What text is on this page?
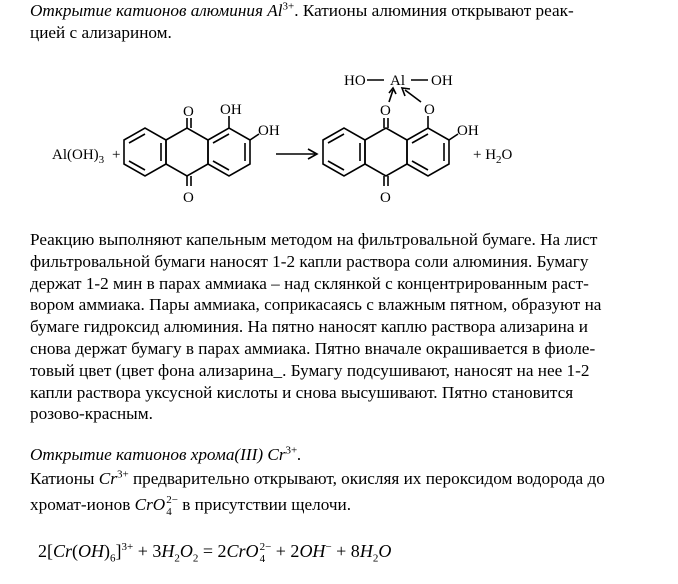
Открытие катионов алюминия $Al^{3+}$. Катионы алюминия открывают реак-
цией с ализарином.
$Al(OH)_3$ +
O
O
OH
OH
HO Al OH
O
O
O
OH
+ $H_2O$
Реакцию выполняют капельным методом на фильтровальной бумаге. На лист
фильтровальной бумаги наносят 1-2 капли раствора соли алюминия. Бумагу
держат 1-2 мин в парах аммиака – над склянкой с концентрированным раст-
вором аммиака. Пары аммиака, соприкасаясь с влажным пятном, образуют на
бумаге гидроксид алюминия. На пятно наносят каплю раствора ализарина и
снова держат бумагу в парах аммиака. Пятно вначале окрашивается в фиоле-
товый цвет (цвет фона ализарина_. Бумагу подсушивают, наносят на нее 1-2
капли раствора уксусной кислоты и снова высушивают. Пятно становится
розово-красным.
Открытие катионов хрома(III) $Cr^{3+}$.
Катионы $Cr^{3+}$ предварительно открывают, окисляя их пероксидом водорода до
хромат-ионов CrO 2−
4 в присутствии щелочи.
$2[Cr(OH)_6]^{3+} + 3H_2O_2 = 2CrO$ 2−
$4 + 2OH^- + 8H_2O$
